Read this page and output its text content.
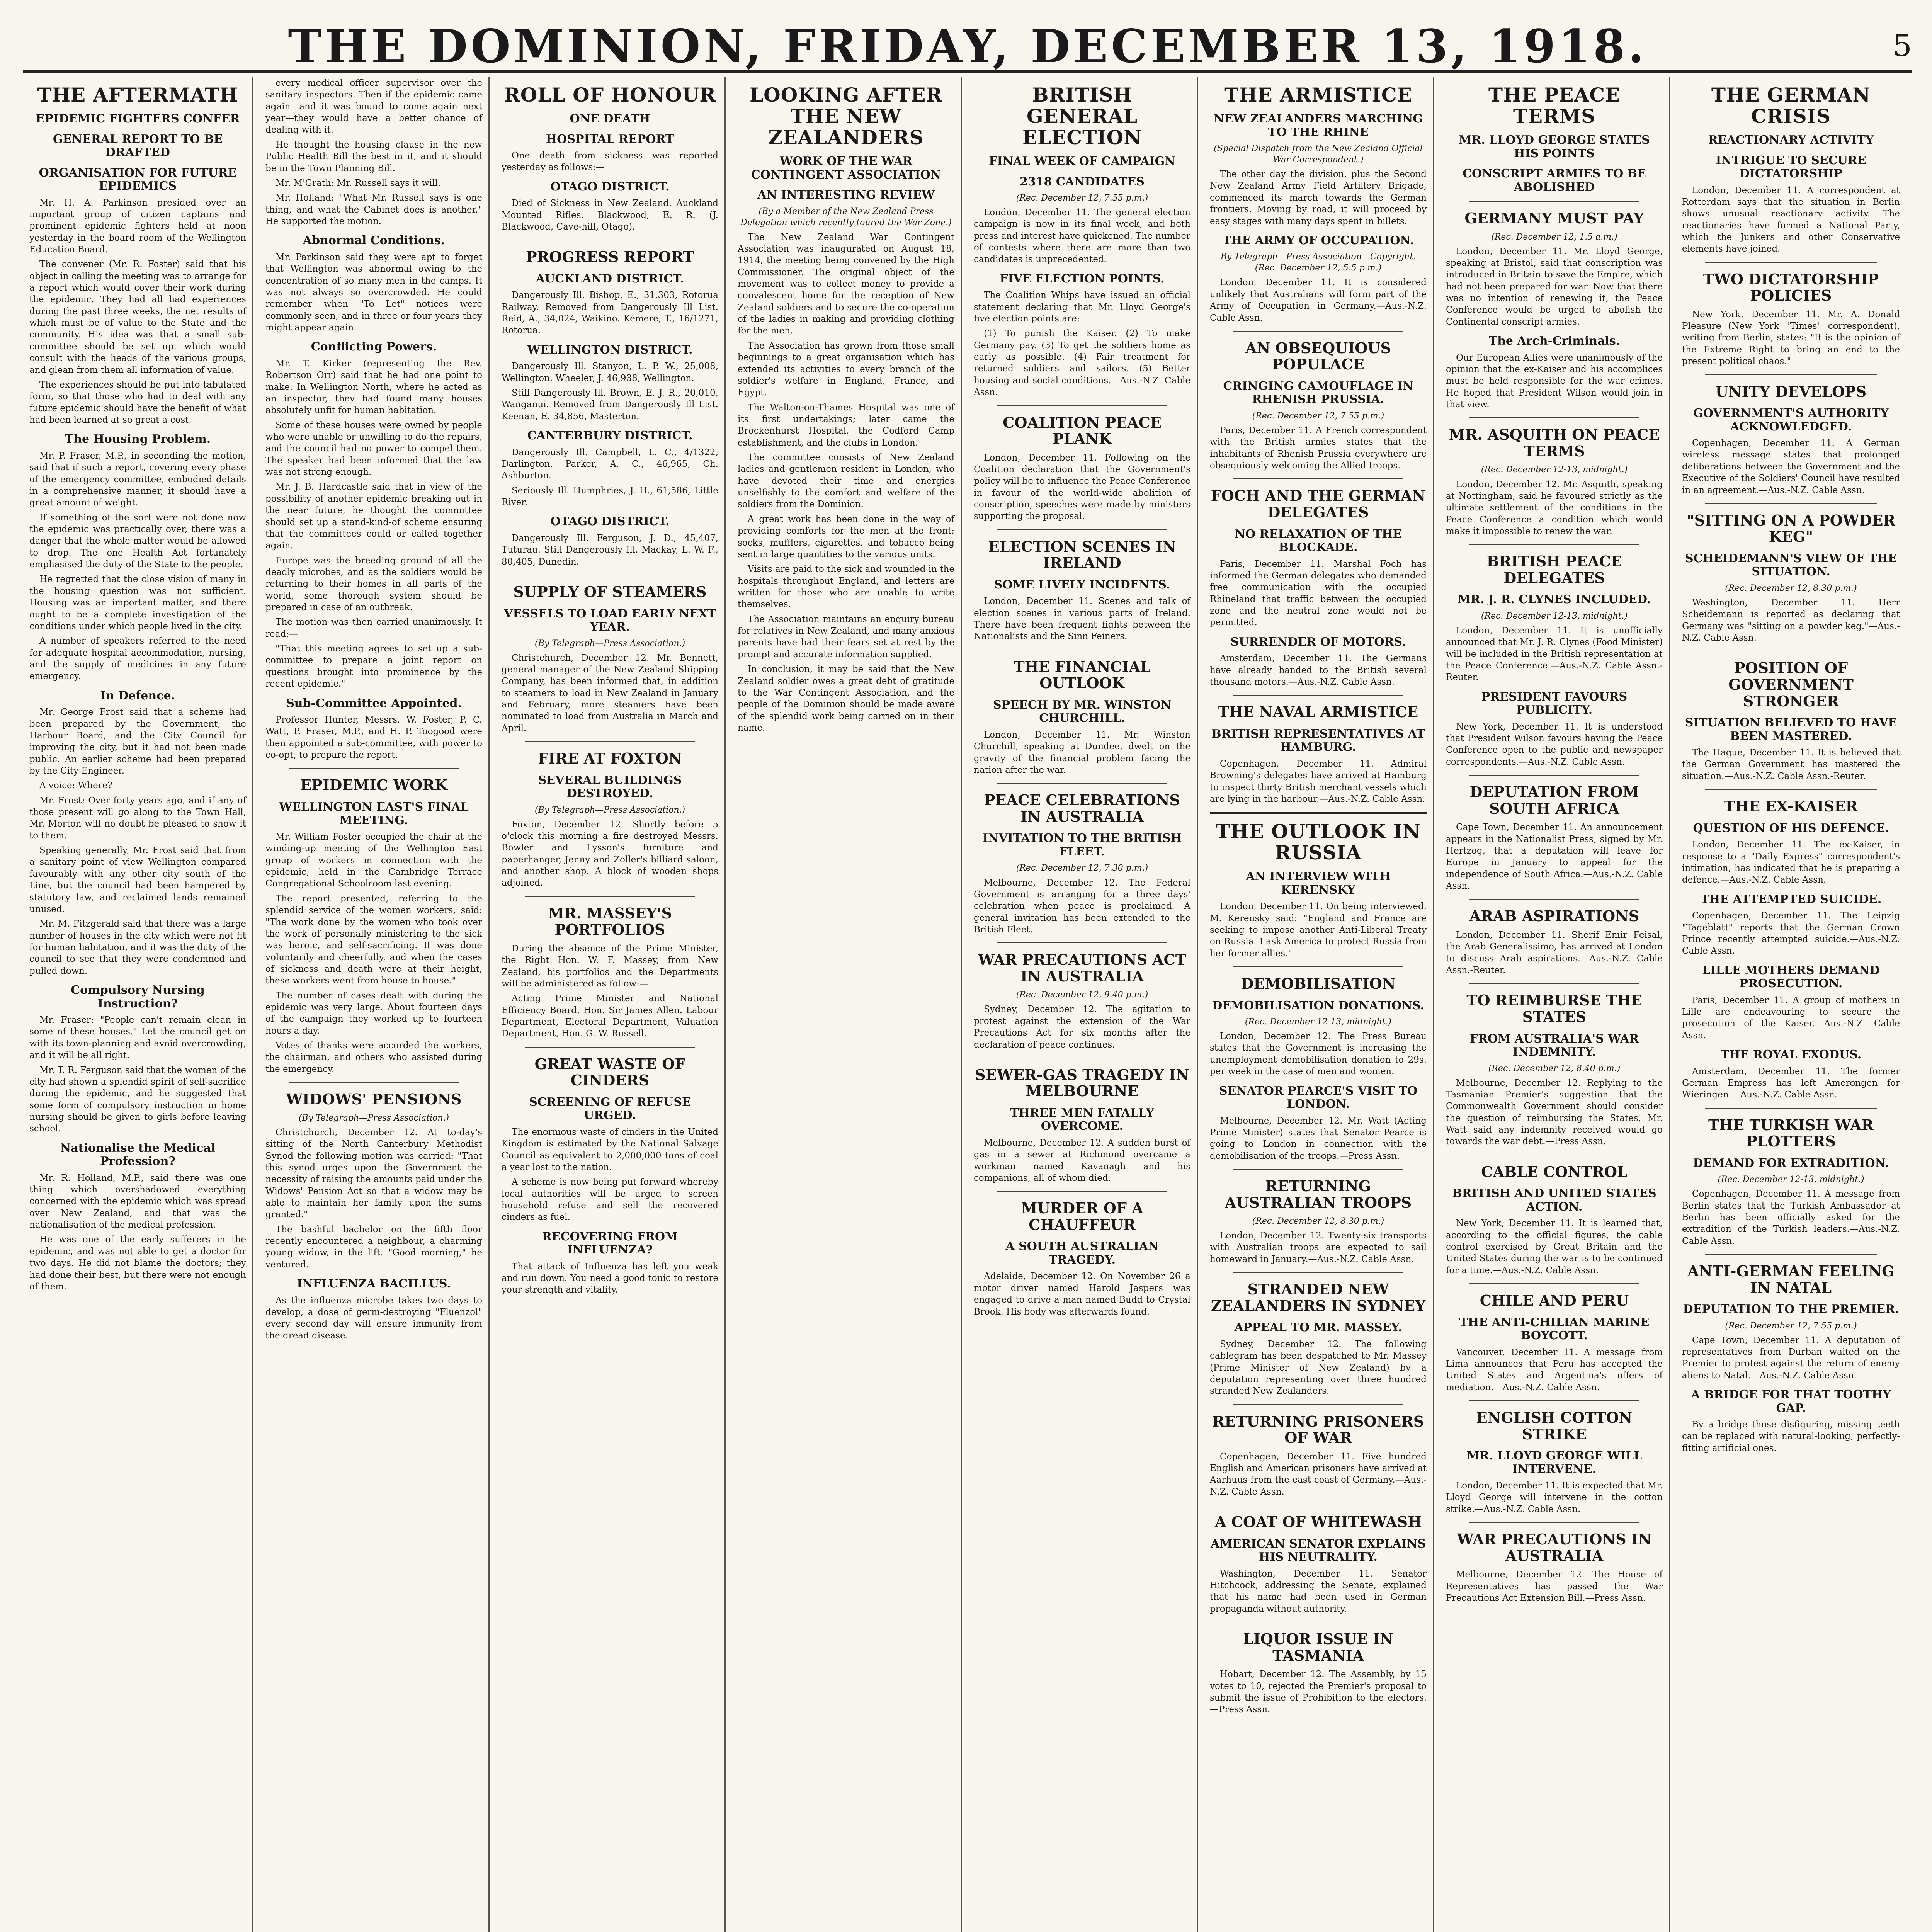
THE DOMINION, FRIDAY, DECEMBER 13, 1918.	5
THE AFTERMATH
EPIDEMIC FIGHTERS CONFER
GENERAL REPORT TO BE DRAFTED
ORGANISATION FOR FUTURE EPIDEMICS

Mr. H. A. Parkinson presided over an important group of citizen captains and prominent epidemic fighters held at noon yesterday in the board room of the Wellington Education Board.

The convener (Mr. R. Foster) said that his object in calling the meeting was to arrange for a report which would cover their work during the epidemic. They had all had experiences during the past three weeks, the net results of which must be of value to the State and the community. His idea was that a small sub-committee should be set up, which would consult with the heads of the various groups, and glean from them all information of value.

The experiences should be put into tabulated form, so that those who had to deal with any future epidemic should have the benefit of what had been learned at so great a cost.

The Housing Problem.

Mr. P. Fraser, M.P., in seconding the motion, said that if such a report, covering every phase of the emergency committee, embodied details in a comprehensive manner, it should have a great amount of weight.

If something of the sort were not done now the epidemic was practically over, there was a danger that the whole matter would be allowed to drop. The one Health Act fortunately emphasised the duty of the State to the people.

He regretted that the close vision of many in the housing question was not sufficient. Housing was an important matter, and there ought to be a complete investigation of the conditions under which people lived in the city.

A number of speakers referred to the need for adequate hospital accommodation, nursing, and the supply of medicines in any future emergency.

In Defence.

Mr. George Frost said that a scheme had been prepared by the Government, the Harbour Board, and the City Council for improving the city, but it had not been made public. An earlier scheme had been prepared by the City Engineer.

A voice: Where?

Mr. Frost: Over forty years ago, and if any of those present will go along to the Town Hall, Mr. Morton will no doubt be pleased to show it to them.

Speaking generally, Mr. Frost said that from a sanitary point of view Wellington compared favourably with any other city south of the Line, but the council had been hampered by statutory law, and reclaimed lands remained unused.

Mr. M. Fitzgerald said that there was a large number of houses in the city which were not fit for human habitation, and it was the duty of the council to see that they were condemned and pulled down.

Compulsory Nursing Instruction?

Mr. Fraser: "People can't remain clean in some of these houses." Let the council get on with its town-planning and avoid overcrowding, and it will be all right.

Mr. T. R. Ferguson said that the women of the city had shown a splendid spirit of self-sacrifice during the epidemic, and he suggested that some form of compulsory instruction in home nursing should be given to girls before leaving school.

Nationalise the Medical Profession?

Mr. R. Holland, M.P., said there was one thing which overshadowed everything concerned with the epidemic which was spread over New Zealand, and that was the nationalisation of the medical profession.

He was one of the early sufferers in the epidemic, and was not able to get a doctor for two days. He did not blame the doctors; they had done their best, but there were not enough of them.

every medical officer supervisor over the sanitary inspectors. Then if the epidemic came again—and it was bound to come again next year—they would have a better chance of dealing with it.

He thought the housing clause in the new Public Health Bill the best in it, and it should be in the Town Planning Bill.

Mr. M'Grath: Mr. Russell says it will.

Mr. Holland: "What Mr. Russell says is one thing, and what the Cabinet does is another." He supported the motion.

Abnormal Conditions.

Mr. Parkinson said they were apt to forget that Wellington was abnormal owing to the concentration of so many men in the camps. It was not always so overcrowded. He could remember when "To Let" notices were commonly seen, and in three or four years they might appear again.

Conflicting Powers.

Mr. T. Kirker (representing the Rev. Robertson Orr) said that he had one point to make. In Wellington North, where he acted as an inspector, they had found many houses absolutely unfit for human habitation.

Some of these houses were owned by people who were unable or unwilling to do the repairs, and the council had no power to compel them. The speaker had been informed that the law was not strong enough.

Mr. J. B. Hardcastle said that in view of the possibility of another epidemic breaking out in the near future, he thought the committee should set up a stand-kind-of scheme ensuring that the committees could or called together again.

Europe was the breeding ground of all the deadly microbes, and as the soldiers would be returning to their homes in all parts of the world, some thorough system should be prepared in case of an outbreak.

The motion was then carried unanimously. It read:—

"That this meeting agrees to set up a sub-committee to prepare a joint report on questions brought into prominence by the recent epidemic."

Sub-Committee Appointed.

Professor Hunter, Messrs. W. Foster, P. C. Watt, P. Fraser, M.P., and H. P. Toogood were then appointed a sub-committee, with power to co-opt, to prepare the report.

EPIDEMIC WORK
WELLINGTON EAST'S FINAL MEETING.

Mr. William Foster occupied the chair at the winding-up meeting of the Wellington East group of workers in connection with the epidemic, held in the Cambridge Terrace Congregational Schoolroom last evening.

The report presented, referring to the splendid service of the women workers, said: "The work done by the women who took over the work of personally ministering to the sick was heroic, and self-sacrificing. It was done voluntarily and cheerfully, and when the cases of sickness and death were at their height, these workers went from house to house."

The number of cases dealt with during the epidemic was very large. About fourteen days of the campaign they worked up to fourteen hours a day.

Votes of thanks were accorded the workers, the chairman, and others who assisted during the emergency.

WIDOWS' PENSIONS

(By Telegraph—Press Association.)

Christchurch, December 12. At to-day's sitting of the North Canterbury Methodist Synod the following motion was carried: "That this synod urges upon the Government the necessity of raising the amounts paid under the Widows' Pension Act so that a widow may be able to maintain her family upon the sums granted."

The bashful bachelor on the fifth floor recently encountered a neighbour, a charming young widow, in the lift. "Good morning," he ventured.

INFLUENZA BACILLUS.

As the influenza microbe takes two days to develop, a dose of germ-destroying "Fluenzol" every second day will ensure immunity from the dread disease.

ROLL OF HONOUR
ONE DEATH
HOSPITAL REPORT

One death from sickness was reported yesterday as follows:—

OTAGO DISTRICT.

Died of Sickness in New Zealand. Auckland Mounted Rifles. Blackwood, E. R. (J. Blackwood, Cave-hill, Otago).

PROGRESS REPORT
AUCKLAND DISTRICT.

Dangerously Ill. Bishop, E., 31,303, Rotorua Railway. Removed from Dangerously Ill List. Reid, A., 34,024, Waikino. Kemere, T., 16/1271, Rotorua.

WELLINGTON DISTRICT.

Dangerously Ill. Stanyon, L. P. W., 25,008, Wellington. Wheeler, J. 46,938, Wellington.

Still Dangerously Ill. Brown, E. J. R., 20,010, Wanganui. Removed from Dangerously Ill List. Keenan, E. 34,856, Masterton.

CANTERBURY DISTRICT.

Dangerously Ill. Campbell, L. C., 4/1322, Darlington. Parker, A. C., 46,965, Ch. Ashburton.

Seriously Ill. Humphries, J. H., 61,586, Little River.

OTAGO DISTRICT.

Dangerously Ill. Ferguson, J. D., 45,407, Tuturau. Still Dangerously Ill. Mackay, L. W. F., 80,405, Dunedin.

SUPPLY OF STEAMERS
VESSELS TO LOAD EARLY NEXT YEAR.

(By Telegraph—Press Association.)

Christchurch, December 12. Mr. Bennett, general manager of the New Zealand Shipping Company, has been informed that, in addition to steamers to load in New Zealand in January and February, more steamers have been nominated to load from Australia in March and April.

FIRE AT FOXTON
SEVERAL BUILDINGS DESTROYED.

(By Telegraph—Press Association.)

Foxton, December 12. Shortly before 5 o'clock this morning a fire destroyed Messrs. Bowler and Lysson's furniture and paperhanger, Jenny and Zoller's billiard saloon, and another shop. A block of wooden shops adjoined.

MR. MASSEY'S PORTFOLIOS

During the absence of the Prime Minister, the Right Hon. W. F. Massey, from New Zealand, his portfolios and the Departments will be administered as follow:—

Acting Prime Minister and National Efficiency Board, Hon. Sir James Allen. Labour Department, Electoral Department, Valuation Department, Hon. G. W. Russell.

GREAT WASTE OF CINDERS
SCREENING OF REFUSE URGED.

The enormous waste of cinders in the United Kingdom is estimated by the National Salvage Council as equivalent to 2,000,000 tons of coal a year lost to the nation.

A scheme is now being put forward whereby local authorities will be urged to screen household refuse and sell the recovered cinders as fuel.

RECOVERING FROM INFLUENZA?

That attack of Influenza has left you weak and run down. You need a good tonic to restore your strength and vitality.

LOOKING AFTER THE NEW ZEALANDERS
WORK OF THE WAR CONTINGENT ASSOCIATION
AN INTERESTING REVIEW

(By a Member of the New Zealand Press Delegation which recently toured the War Zone.)

The New Zealand War Contingent Association was inaugurated on August 18, 1914, the meeting being convened by the High Commissioner. The original object of the movement was to collect money to provide a convalescent home for the reception of New Zealand soldiers and to secure the co-operation of the ladies in making and providing clothing for the men.

The Association has grown from those small beginnings to a great organisation which has extended its activities to every branch of the soldier's welfare in England, France, and Egypt.

The Walton-on-Thames Hospital was one of its first undertakings; later came the Brockenhurst Hospital, the Codford Camp establishment, and the clubs in London.

The committee consists of New Zealand ladies and gentlemen resident in London, who have devoted their time and energies unselfishly to the comfort and welfare of the soldiers from the Dominion.

A great work has been done in the way of providing comforts for the men at the front; socks, mufflers, cigarettes, and tobacco being sent in large quantities to the various units.

Visits are paid to the sick and wounded in the hospitals throughout England, and letters are written for those who are unable to write themselves.

The Association maintains an enquiry bureau for relatives in New Zealand, and many anxious parents have had their fears set at rest by the prompt and accurate information supplied.

In conclusion, it may be said that the New Zealand soldier owes a great debt of gratitude to the War Contingent Association, and the people of the Dominion should be made aware of the splendid work being carried on in their name.

BRITISH GENERAL ELECTION
FINAL WEEK OF CAMPAIGN
2318 CANDIDATES

(Rec. December 12, 7.55 p.m.)

London, December 11. The general election campaign is now in its final week, and both press and interest have quickened. The number of contests where there are more than two candidates is unprecedented.

FIVE ELECTION POINTS.

The Coalition Whips have issued an official statement declaring that Mr. Lloyd George's five election points are:

(1) To punish the Kaiser. (2) To make Germany pay. (3) To get the soldiers home as early as possible. (4) Fair treatment for returned soldiers and sailors. (5) Better housing and social conditions.—Aus.-N.Z. Cable Assn.

COALITION PEACE PLANK

London, December 11. Following on the Coalition declaration that the Government's policy will be to influence the Peace Conference in favour of the world-wide abolition of conscription, speeches were made by ministers supporting the proposal.

ELECTION SCENES IN IRELAND
SOME LIVELY INCIDENTS.

London, December 11. Scenes and talk of election scenes in various parts of Ireland. There have been frequent fights between the Nationalists and the Sinn Feiners.

THE FINANCIAL OUTLOOK
SPEECH BY MR. WINSTON CHURCHILL.

London, December 11. Mr. Winston Churchill, speaking at Dundee, dwelt on the gravity of the financial problem facing the nation after the war.

PEACE CELEBRATIONS IN AUSTRALIA
INVITATION TO THE BRITISH FLEET.

(Rec. December 12, 7.30 p.m.)

Melbourne, December 12. The Federal Government is arranging for a three days' celebration when peace is proclaimed. A general invitation has been extended to the British Fleet.

WAR PRECAUTIONS ACT IN AUSTRALIA

(Rec. December 12, 9.40 p.m.)

Sydney, December 12. The agitation to protest against the extension of the War Precautions Act for six months after the declaration of peace continues.

SEWER-GAS TRAGEDY IN MELBOURNE
THREE MEN FATALLY OVERCOME.

Melbourne, December 12. A sudden burst of gas in a sewer at Richmond overcame a workman named Kavanagh and his companions, all of whom died.

MURDER OF A CHAUFFEUR
A SOUTH AUSTRALIAN TRAGEDY.

Adelaide, December 12. On November 26 a motor driver named Harold Jaspers was engaged to drive a man named Budd to Crystal Brook. His body was afterwards found.

THE ARMISTICE
NEW ZEALANDERS MARCHING TO THE RHINE

(Special Dispatch from the New Zealand Official War Correspondent.)

The other day the division, plus the Second New Zealand Army Field Artillery Brigade, commenced its march towards the German frontiers. Moving by road, it will proceed by easy stages with many days spent in billets.

THE ARMY OF OCCUPATION.

By Telegraph—Press Association—Copyright. (Rec. December 12, 5.5 p.m.)

London, December 11. It is considered unlikely that Australians will form part of the Army of Occupation in Germany.—Aus.-N.Z. Cable Assn.

AN OBSEQUIOUS POPULACE
CRINGING CAMOUFLAGE IN RHENISH PRUSSIA.

(Rec. December 12, 7.55 p.m.)

Paris, December 11. A French correspondent with the British armies states that the inhabitants of Rhenish Prussia everywhere are obsequiously welcoming the Allied troops.

FOCH AND THE GERMAN DELEGATES
NO RELAXATION OF THE BLOCKADE.

Paris, December 11. Marshal Foch has informed the German delegates who demanded free communication with the occupied Rhineland that traffic between the occupied zone and the neutral zone would not be permitted.

SURRENDER OF MOTORS.

Amsterdam, December 11. The Germans have already handed to the British several thousand motors.—Aus.-N.Z. Cable Assn.

THE NAVAL ARMISTICE
BRITISH REPRESENTATIVES AT HAMBURG.

Copenhagen, December 11. Admiral Browning's delegates have arrived at Hamburg to inspect thirty British merchant vessels which are lying in the harbour.—Aus.-N.Z. Cable Assn.

THE OUTLOOK IN RUSSIA
AN INTERVIEW WITH KERENSKY

London, December 11. On being interviewed, M. Kerensky said: "England and France are seeking to impose another Anti-Liberal Treaty on Russia. I ask America to protect Russia from her former allies."

DEMOBILISATION
DEMOBILISATION DONATIONS.

(Rec. December 12-13, midnight.)

London, December 12. The Press Bureau states that the Government is increasing the unemployment demobilisation donation to 29s. per week in the case of men and women.

SENATOR PEARCE'S VISIT TO LONDON.

Melbourne, December 12. Mr. Watt (Acting Prime Minister) states that Senator Pearce is going to London in connection with the demobilisation of the troops.—Press Assn.

RETURNING AUSTRALIAN TROOPS

(Rec. December 12, 8.30 p.m.)

London, December 12. Twenty-six transports with Australian troops are expected to sail homeward in January.—Aus.-N.Z. Cable Assn.

STRANDED NEW ZEALANDERS IN SYDNEY
APPEAL TO MR. MASSEY.

Sydney, December 12. The following cablegram has been despatched to Mr. Massey (Prime Minister of New Zealand) by a deputation representing over three hundred stranded New Zealanders.

RETURNING PRISONERS OF WAR

Copenhagen, December 11. Five hundred English and American prisoners have arrived at Aarhuus from the east coast of Germany.—Aus.-N.Z. Cable Assn.

A COAT OF WHITEWASH
AMERICAN SENATOR EXPLAINS HIS NEUTRALITY.

Washington, December 11. Senator Hitchcock, addressing the Senate, explained that his name had been used in German propaganda without authority.

LIQUOR ISSUE IN TASMANIA

Hobart, December 12. The Assembly, by 15 votes to 10, rejected the Premier's proposal to submit the issue of Prohibition to the electors.—Press Assn.

THE PEACE TERMS
MR. LLOYD GEORGE STATES HIS POINTS
CONSCRIPT ARMIES TO BE ABOLISHED
GERMANY MUST PAY

(Rec. December 12, 1.5 a.m.)

London, December 11. Mr. Lloyd George, speaking at Bristol, said that conscription was introduced in Britain to save the Empire, which had not been prepared for war. Now that there was no intention of renewing it, the Peace Conference would be urged to abolish the Continental conscript armies.

The Arch-Criminals.

Our European Allies were unanimously of the opinion that the ex-Kaiser and his accomplices must be held responsible for the war crimes. He hoped that President Wilson would join in that view.

MR. ASQUITH ON PEACE TERMS

(Rec. December 12-13, midnight.)

London, December 12. Mr. Asquith, speaking at Nottingham, said he favoured strictly as the ultimate settlement of the conditions in the Peace Conference a condition which would make it impossible to renew the war.

BRITISH PEACE DELEGATES
MR. J. R. CLYNES INCLUDED.

(Rec. December 12-13, midnight.)

London, December 11. It is unofficially announced that Mr. J. R. Clynes (Food Minister) will be included in the British representation at the Peace Conference.—Aus.-N.Z. Cable Assn.-Reuter.

PRESIDENT FAVOURS PUBLICITY.

New York, December 11. It is understood that President Wilson favours having the Peace Conference open to the public and newspaper correspondents.—Aus.-N.Z. Cable Assn.

DEPUTATION FROM SOUTH AFRICA

Cape Town, December 11. An announcement appears in the Nationalist Press, signed by Mr. Hertzog, that a deputation will leave for Europe in January to appeal for the independence of South Africa.—Aus.-N.Z. Cable Assn.

ARAB ASPIRATIONS

London, December 11. Sherif Emir Feisal, the Arab Generalissimo, has arrived at London to discuss Arab aspirations.—Aus.-N.Z. Cable Assn.-Reuter.

TO REIMBURSE THE STATES
FROM AUSTRALIA'S WAR INDEMNITY.

(Rec. December 12, 8.40 p.m.)

Melbourne, December 12. Replying to the Tasmanian Premier's suggestion that the Commonwealth Government should consider the question of reimbursing the States, Mr. Watt said any indemnity received would go towards the war debt.—Press Assn.

CABLE CONTROL
BRITISH AND UNITED STATES ACTION.

New York, December 11. It is learned that, according to the official figures, the cable control exercised by Great Britain and the United States during the war is to be continued for a time.—Aus.-N.Z. Cable Assn.

CHILE AND PERU
THE ANTI-CHILIAN MARINE BOYCOTT.

Vancouver, December 11. A message from Lima announces that Peru has accepted the United States and Argentina's offers of mediation.—Aus.-N.Z. Cable Assn.

ENGLISH COTTON STRIKE
MR. LLOYD GEORGE WILL INTERVENE.

London, December 11. It is expected that Mr. Lloyd George will intervene in the cotton strike.—Aus.-N.Z. Cable Assn.

WAR PRECAUTIONS IN AUSTRALIA

Melbourne, December 12. The House of Representatives has passed the War Precautions Act Extension Bill.—Press Assn.

THE GERMAN CRISIS
REACTIONARY ACTIVITY
INTRIGUE TO SECURE DICTATORSHIP

London, December 11. A correspondent at Rotterdam says that the situation in Berlin shows unusual reactionary activity. The reactionaries have formed a National Party, which the Junkers and other Conservative elements have joined.

TWO DICTATORSHIP POLICIES

New York, December 11. Mr. A. Donald Pleasure (New York "Times" correspondent), writing from Berlin, states: "It is the opinion of the Extreme Right to bring an end to the present political chaos."

UNITY DEVELOPS
GOVERNMENT'S AUTHORITY ACKNOWLEDGED.

Copenhagen, December 11. A German wireless message states that prolonged deliberations between the Government and the Executive of the Soldiers' Council have resulted in an agreement.—Aus.-N.Z. Cable Assn.

"SITTING ON A POWDER KEG"
SCHEIDEMANN'S VIEW OF THE SITUATION.

(Rec. December 12, 8.30 p.m.)

Washington, December 11. Herr Scheidemann is reported as declaring that Germany was "sitting on a powder keg."—Aus.-N.Z. Cable Assn.

POSITION OF GOVERNMENT STRONGER
SITUATION BELIEVED TO HAVE BEEN MASTERED.

The Hague, December 11. It is believed that the German Government has mastered the situation.—Aus.-N.Z. Cable Assn.-Reuter.

THE EX-KAISER
QUESTION OF HIS DEFENCE.

London, December 11. The ex-Kaiser, in response to a "Daily Express" correspondent's intimation, has indicated that he is preparing a defence.—Aus.-N.Z. Cable Assn.

THE ATTEMPTED SUICIDE.

Copenhagen, December 11. The Leipzig "Tageblatt" reports that the German Crown Prince recently attempted suicide.—Aus.-N.Z. Cable Assn.

LILLE MOTHERS DEMAND PROSECUTION.

Paris, December 11. A group of mothers in Lille are endeavouring to secure the prosecution of the Kaiser.—Aus.-N.Z. Cable Assn.

THE ROYAL EXODUS.

Amsterdam, December 11. The former German Empress has left Amerongen for Wieringen.—Aus.-N.Z. Cable Assn.

THE TURKISH WAR PLOTTERS
DEMAND FOR EXTRADITION.

(Rec. December 12-13, midnight.)

Copenhagen, December 11. A message from Berlin states that the Turkish Ambassador at Berlin has been officially asked for the extradition of the Turkish leaders.—Aus.-N.Z. Cable Assn.

ANTI-GERMAN FEELING IN NATAL
DEPUTATION TO THE PREMIER.

(Rec. December 12, 7.55 p.m.)

Cape Town, December 11. A deputation of representatives from Durban waited on the Premier to protest against the return of enemy aliens to Natal.—Aus.-N.Z. Cable Assn.

A BRIDGE FOR THAT TOOTHY GAP.

By a bridge those disfiguring, missing teeth can be replaced with natural-looking, perfectly-fitting artificial ones.
